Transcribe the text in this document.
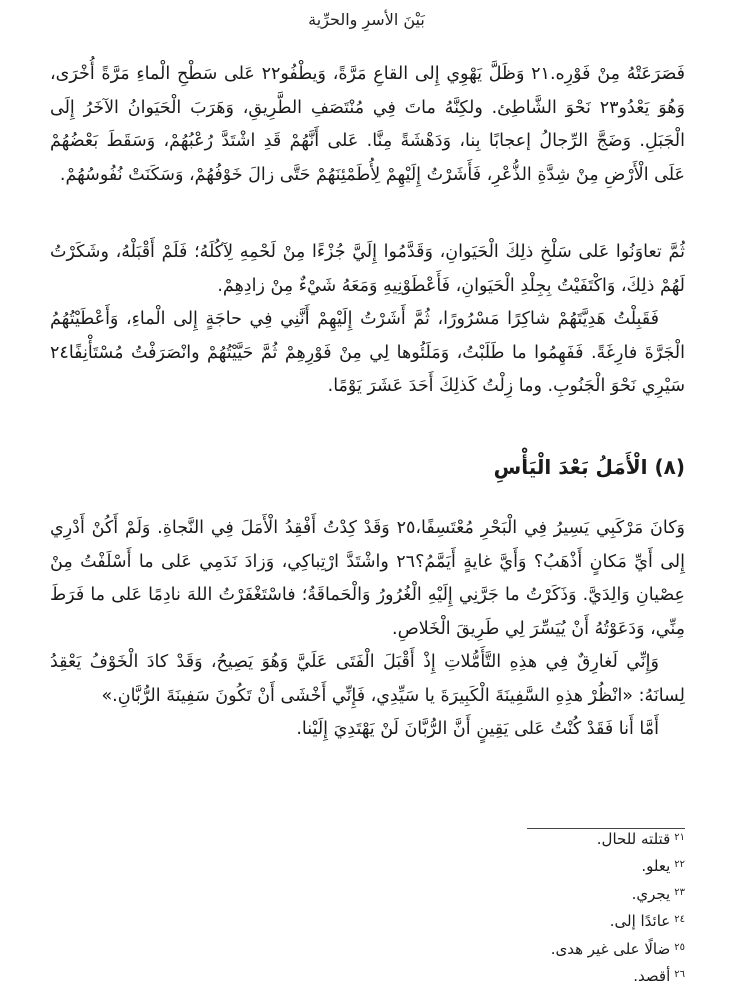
بَيْنَ الأسرِ والحرِّية

فَصَرَعَتْهُ مِنْ فَوْرِه.٢١ وَظَلَّ يَهْوِي إِلى القاعِ مَرَّةً، وَيطْفُو٢٢ عَلى سَطْحِ الْماءِ مَرَّةً أُخْرَى، وَهُوَ يَعْدُو٢٣ نَحْوَ الشَّاطِئ. ولكِنَّهُ ماتَ فِي مُنْتَصَفِ الطَّرِيقِ، وَهَرَبَ الْحَيَوانُ الآخَرُ إِلَى الْجَبَلِ. وَضَجَّ الرِّجالُ إعجابًا بِنا، وَدَهْشَةً مِنَّا. عَلى أَنَّهُمْ قَدِ اشْتَدَّ رُعْبُهُمْ، وَسَقَطَ بَعْضُهُمْ عَلَى الْأَرْضِ مِنْ شِدَّةِ الذُّعْرِ، فَأَشَرْتُ إِلَيْهِمْ لِأُطَمْئِنَهُمْ حَتَّى زالَ خَوْفُهُمْ، وَسَكَنَتْ نُفُوسُهُمْ.

ثُمَّ تعاوَنُوا عَلى سَلْخِ ذلِكَ الْحَيَوانِ، وَقَدَّمُوا إِلَيَّ جُزْءًا مِنْ لَحْمِهِ لِآكُلَهُ؛ فَلَمْ أَقْبَلْهُ، وشَكَرْتُ لَهُمْ ذلِكَ، وَاكْتَفَيْتُ بِجِلْدِ الْحَيَوانِ، فَأَعْطَوْنِيهِ وَمَعَهُ شَيْءٌ مِنْ زادِهِمْ.

فَقَبِلْتُ هَدِيَّتَهُمْ شاكِرًا مَسْرُورًا، ثُمَّ أَشَرْتُ إِلَيْهِمْ أَنَّنِي فِي حاجَةٍ إِلى الْماءِ، وَأَعْطَيْتُهُمُ الْجَرَّةَ فارِغَةً. فَفَهِمُوا ما طَلَبْتُ، وَمَلَئُوها لِي مِنْ فَوْرِهِمْ ثُمَّ حَيَّيْتُهُمْ وانْصَرَفْتُ مُسْتَأْنِفًا٢٤ سَيْرِي نَحْوَ الْجَنُوبِ. وما زِلْتُ كَذلِكَ أَحَدَ عَشَرَ يَوْمًا.

(٨) الْأَمَلُ بَعْدَ الْيَأْسِ

وَكانَ مَرْكَبِي يَسِيرُ فِي الْبَحْرِ مُعْتَسِفًا،٢٥ وَقَدْ كِدْتُ أَفْقِدُ الْأَمَلَ فِي النَّجاةِ. وَلَمْ أَكُنْ أَدْرِي إِلى أَيِّ مَكانٍ أَذْهَبُ؟ وَأَيَّ غايةٍ أَيَمَّمُ؟٢٦ واشْتَدَّ ارْتِباكِي، وَزادَ نَدَمِي عَلى ما أَسْلَفْتُ مِنْ عِصْيانِ وَالِدَيَّ. وَذَكَرْتُ ما جَرَّنِي إِلَيْهِ الْغُرُورُ وَالْحَماقَةُ؛ فاسْتَغْفَرْتُ اللهَ نادِمًا عَلى ما فَرَطَ مِنِّي، وَدَعَوْتُهُ أَنْ يُيَسِّرَ لِي طَرِيقَ الْخَلاصِ.

وَإِنِّي لَغارِقٌ فِي هذِهِ التَّأَمُّلاتِ إِذْ أَقْبَلَ الْفَتَى عَلَيَّ وَهُوَ يَصِيحُ، وَقَدْ كادَ الْخَوْفُ يَعْقِدُ لِسانَهُ: «انْظُرْ هذِهِ السَّفِينَةَ الْكَبِيرَةَ يا سَيِّدِي، فَإِنِّي أَخْشَى أَنْ تَكُونَ سَفِينَةَ الرُّبَّانِ.»

أَمَّا أَنا فَقَدْ كُنْتُ عَلى يَقِينٍ أَنَّ الرُّبَّانَ لَنْ يَهْتَدِيَ إِلَيْنا.

$^{٢١}$قتلته للحال.
$^{٢٢}$يعلو.
$^{٢٣}$يجري.
$^{٢٤}$عائدًا إلى.
$^{٢٥}$ضالًا على غير هدى.
$^{٢٦}$أقصد.
